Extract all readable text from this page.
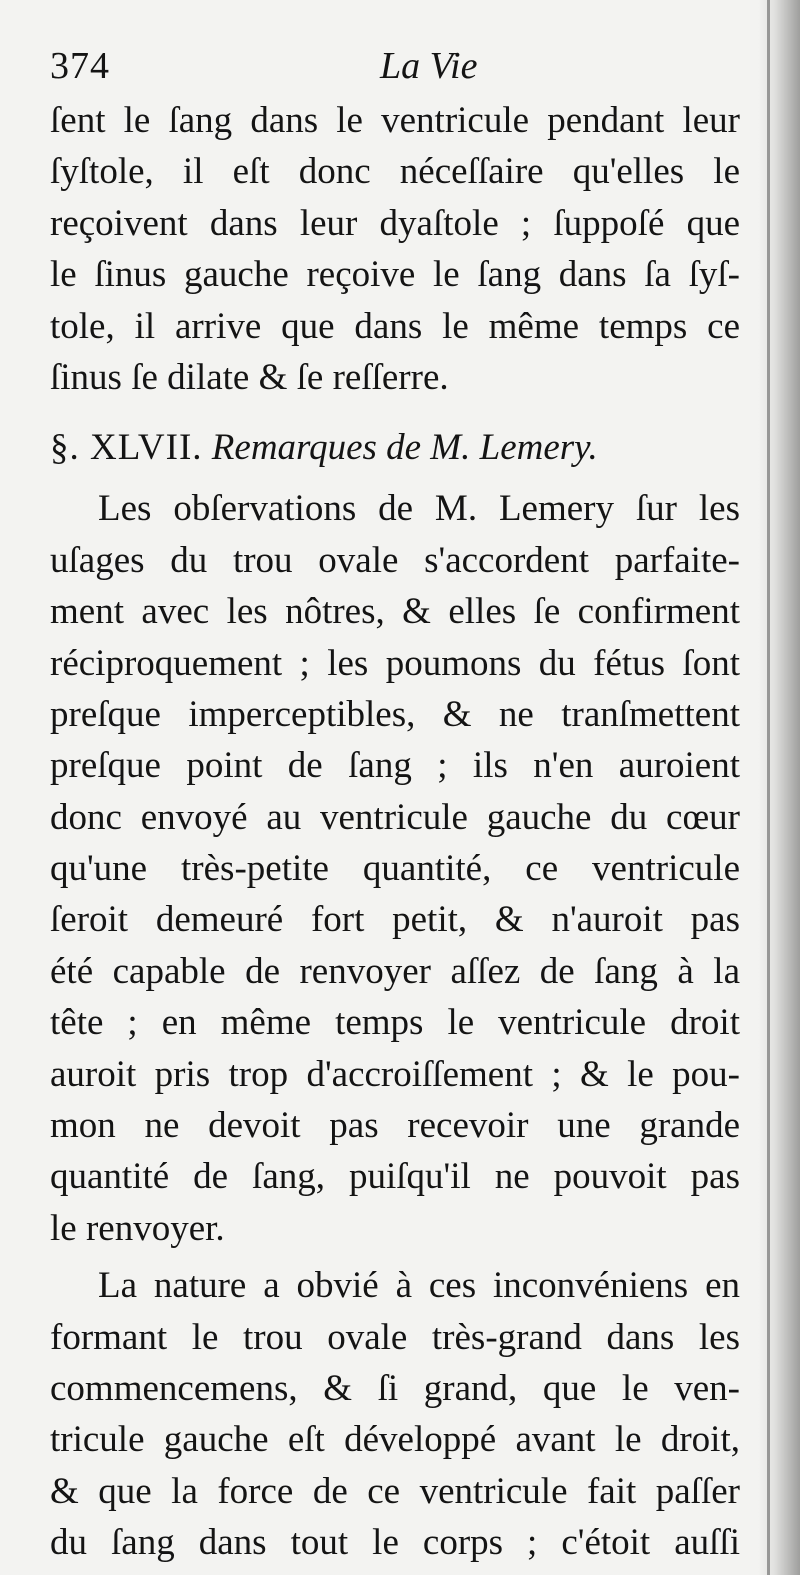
374	La Vie
ſent le ſang dans le ventricule pendant leur
ſyſtole, il eſt donc néceſſaire qu'elles le
reçoivent dans leur dyaſtole ; ſuppoſé que
le ſinus gauche reçoive le ſang dans ſa ſyſ-
tole, il arrive que dans le même temps ce
ſinus ſe dilate & ſe reſſerre.
§. XLVII. Remarques de M. Lemery.
Les obſervations de M. Lemery ſur les
uſages du trou ovale s'accordent parfaite-
ment avec les nôtres, & elles ſe confirment
réciproquement ; les poumons du fétus ſont
preſque imperceptibles, & ne tranſmettent
preſque point de ſang ; ils n'en auroient
donc envoyé au ventricule gauche du cœur
qu'une très-petite quantité, ce ventricule
ſeroit demeuré fort petit, & n'auroit pas
été capable de renvoyer aſſez de ſang à la
tête ; en même temps le ventricule droit
auroit pris trop d'accroiſſement ; & le pou-
mon ne devoit pas recevoir une grande
quantité de ſang, puiſqu'il ne pouvoit pas
le renvoyer.
La nature a obvié à ces inconvéniens en
formant le trou ovale très-grand dans les
commencemens, & ſi grand, que le ven-
tricule gauche eſt développé avant le droit,
& que la force de ce ventricule fait paſſer
du ſang dans tout le corps ; c'étoit auſſi
